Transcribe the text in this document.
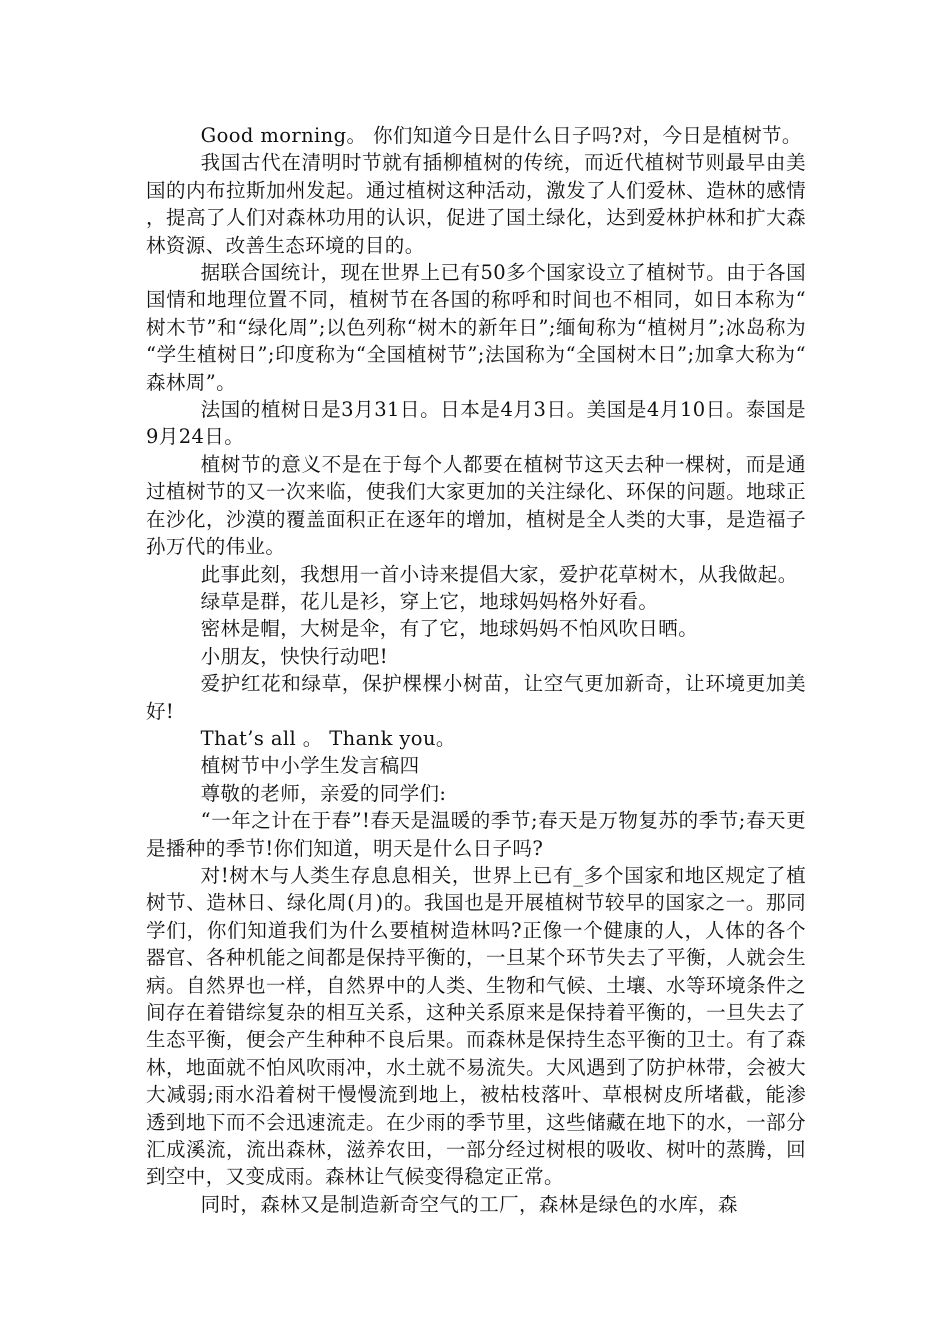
Good morning。 你们知道今日是什么日子吗?对，今日是植树节。

我国古代在清明时节就有插柳植树的传统，而近代植树节则最早由美国的内布拉斯加州发起。通过植树这种活动，激发了人们爱林、造林的感情，提高了人们对森林功用的认识，促进了国土绿化，达到爱林护林和扩大森林资源、改善生态环境的目的。

据联合国统计，现在世界上已有50多个国家设立了植树节。由于各国国情和地理位置不同，植树节在各国的称呼和时间也不相同，如日本称为“树木节”和“绿化周”;以色列称“树木的新年日”;缅甸称为“植树月”;冰岛称为“学生植树日”;印度称为“全国植树节”;法国称为“全国树木日”;加拿大称为“森林周”。

法国的植树日是3月31日。日本是4月3日。美国是4月10日。泰国是9月24日。

植树节的意义不是在于每个人都要在植树节这天去种一棵树，而是通过植树节的又一次来临，使我们大家更加的关注绿化、环保的问题。地球正在沙化，沙漠的覆盖面积正在逐年的增加，植树是全人类的大事，是造福子孙万代的伟业。

此事此刻，我想用一首小诗来提倡大家，爱护花草树木，从我做起。

绿草是群，花儿是衫，穿上它，地球妈妈格外好看。

密林是帽，大树是伞，有了它，地球妈妈不怕风吹日晒。

小朋友，快快行动吧!

爱护红花和绿草，保护棵棵小树苗，让空气更加新奇，让环境更加美好!

That’s all 。 Thank you。

植树节中小学生发言稿四

尊敬的老师，亲爱的同学们:

“一年之计在于春”!春天是温暖的季节;春天是万物复苏的季节;春天更是播种的季节!你们知道，明天是什么日子吗?

对!树木与人类生存息息相关，世界上已有_多个国家和地区规定了植树节、造林日、绿化周(月)的。我国也是开展植树节较早的国家之一。那同学们，你们知道我们为什么要植树造林吗?正像一个健康的人，人体的各个器官、各种机能之间都是保持平衡的，一旦某个环节失去了平衡，人就会生病。自然界也一样，自然界中的人类、生物和气候、土壤、水等环境条件之间存在着错综复杂的相互关系，这种关系原来是保持着平衡的，一旦失去了生态平衡，便会产生种种不良后果。而森林是保持生态平衡的卫士。有了森林，地面就不怕风吹雨冲，水土就不易流失。大风遇到了防护林带，会被大大减弱;雨水沿着树干慢慢流到地上，被枯枝落叶、草根树皮所堵截，能渗透到地下而不会迅速流走。在少雨的季节里，这些储藏在地下的水，一部分汇成溪流，流出森林，滋养农田，一部分经过树根的吸收、树叶的蒸腾，回到空中，又变成雨。森林让气候变得稳定正常。

同时，森林又是制造新奇空气的工厂，森林是绿色的水库，森
